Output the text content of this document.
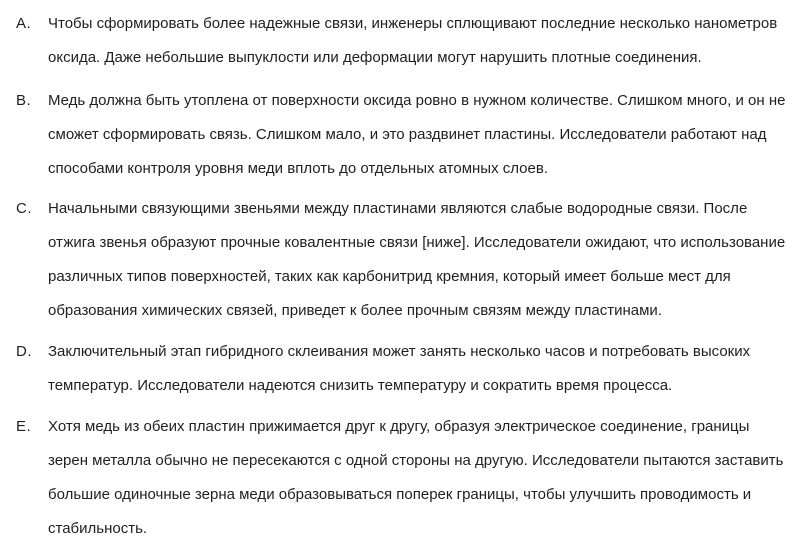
A. Чтобы сформировать более надежные связи, инженеры сплющивают последние несколько нанометров
оксида. Даже небольшие выпуклости или деформации могут нарушить плотные соединения.
B. Медь должна быть утоплена от поверхности оксида ровно в нужном количестве. Слишком много, и он не
сможет сформировать связь. Слишком мало, и это раздвинет пластины. Исследователи работают над
способами контроля уровня меди вплоть до отдельных атомных слоев.
C. Начальными связующими звеньями между пластинами являются слабые водородные связи. После
отжига звенья образуют прочные ковалентные связи [ниже]. Исследователи ожидают, что использование
различных типов поверхностей, таких как карбонитрид кремния, который имеет больше мест для
образования химических связей, приведет к более прочным связям между пластинами.
D. Заключительный этап гибридного склеивания может занять несколько часов и потребовать высоких
температур. Исследователи надеются снизить температуру и сократить время процесса.
E. Хотя медь из обеих пластин прижимается друг к другу, образуя электрическое соединение, границы
зерен металла обычно не пересекаются с одной стороны на другую. Исследователи пытаются заставить
большие одиночные зерна меди образовываться поперек границы, чтобы улучшить проводимость и
стабильность.
